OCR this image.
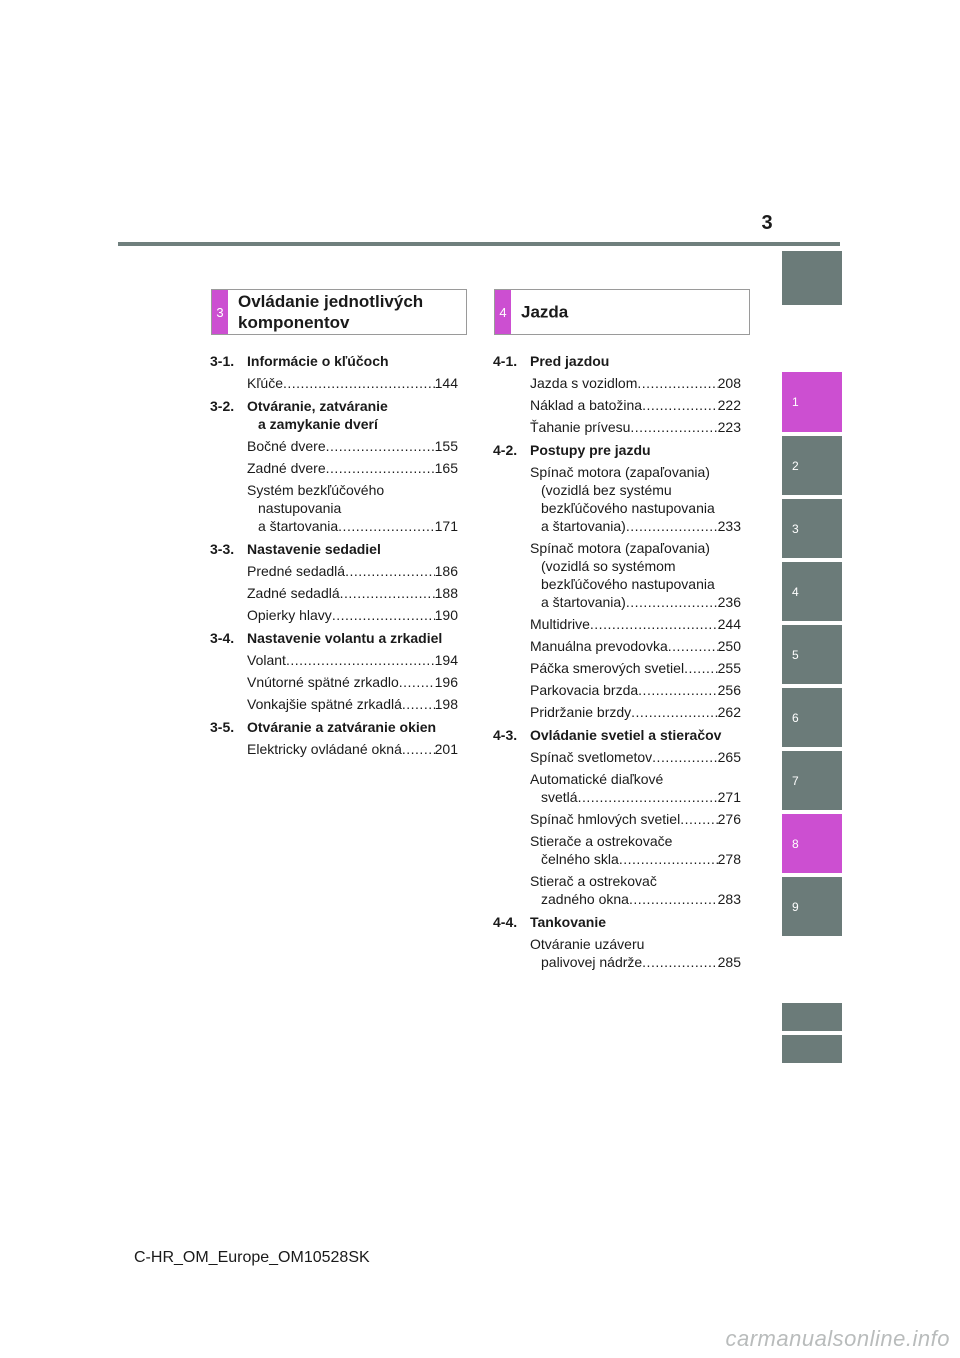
3
1
2
3
4
5
6
7
8
9
3
Ovládanie jednotlivých
komponentov
4 Jazda
3-1. Informácie o kľúčoch
Kľúče .....	144
3-2. Otváranie, zatváranie
a zamykanie dverí
Bočné dvere .....	155
Zadné dvere .....	165
Systém bezkľúčového
nastupovania
a štartovania .....	171
3-3. Nastavenie sedadiel
Predné sedadlá .....	186
Zadné sedadlá .....	188
Opierky hlavy .....	190
3-4. Nastavenie volantu a zrkadiel
Volant .....	194
Vnútorné spätné zrkadlo .....	196
Vonkajšie spätné zrkadlá ..... 198
3-5. Otváranie a zatváranie okien
Elektricky ovládané okná ..... 201
4-1. Pred jazdou
Jazda s vozidlom .....	208
Náklad a batožina .....	222
Ťahanie prívesu .....	223
4-2. Postupy pre jazdu
Spínač motora (zapaľovania)
(vozidlá bez systému
bezkľúčového nastupovania
a štartovania) .....	233
Spínač motora (zapaľovania)
(vozidlá so systémom
bezkľúčového nastupovania
a štartovania) .....	236
Multidrive .....	244
Manuálna prevodovka .....	250
Páčka smerových svetiel ..... 255
Parkovacia brzda .....	256
Pridržanie brzdy .....	262
4-3. Ovládanie svetiel a stieračov
Spínač svetlometov .....	265
Automatické diaľkové
svetlá .....	271
Spínač hmlových svetiel .....	276
Stierače a ostrekovače
čelného skla .....	278
Stierač a ostrekovač
zadného okna .....	283
4-4. Tankovanie
Otváranie uzáveru
palivovej nádrže .....	285
C-HR_OM_Europe_OM10528SK
carmanualsonline.info
